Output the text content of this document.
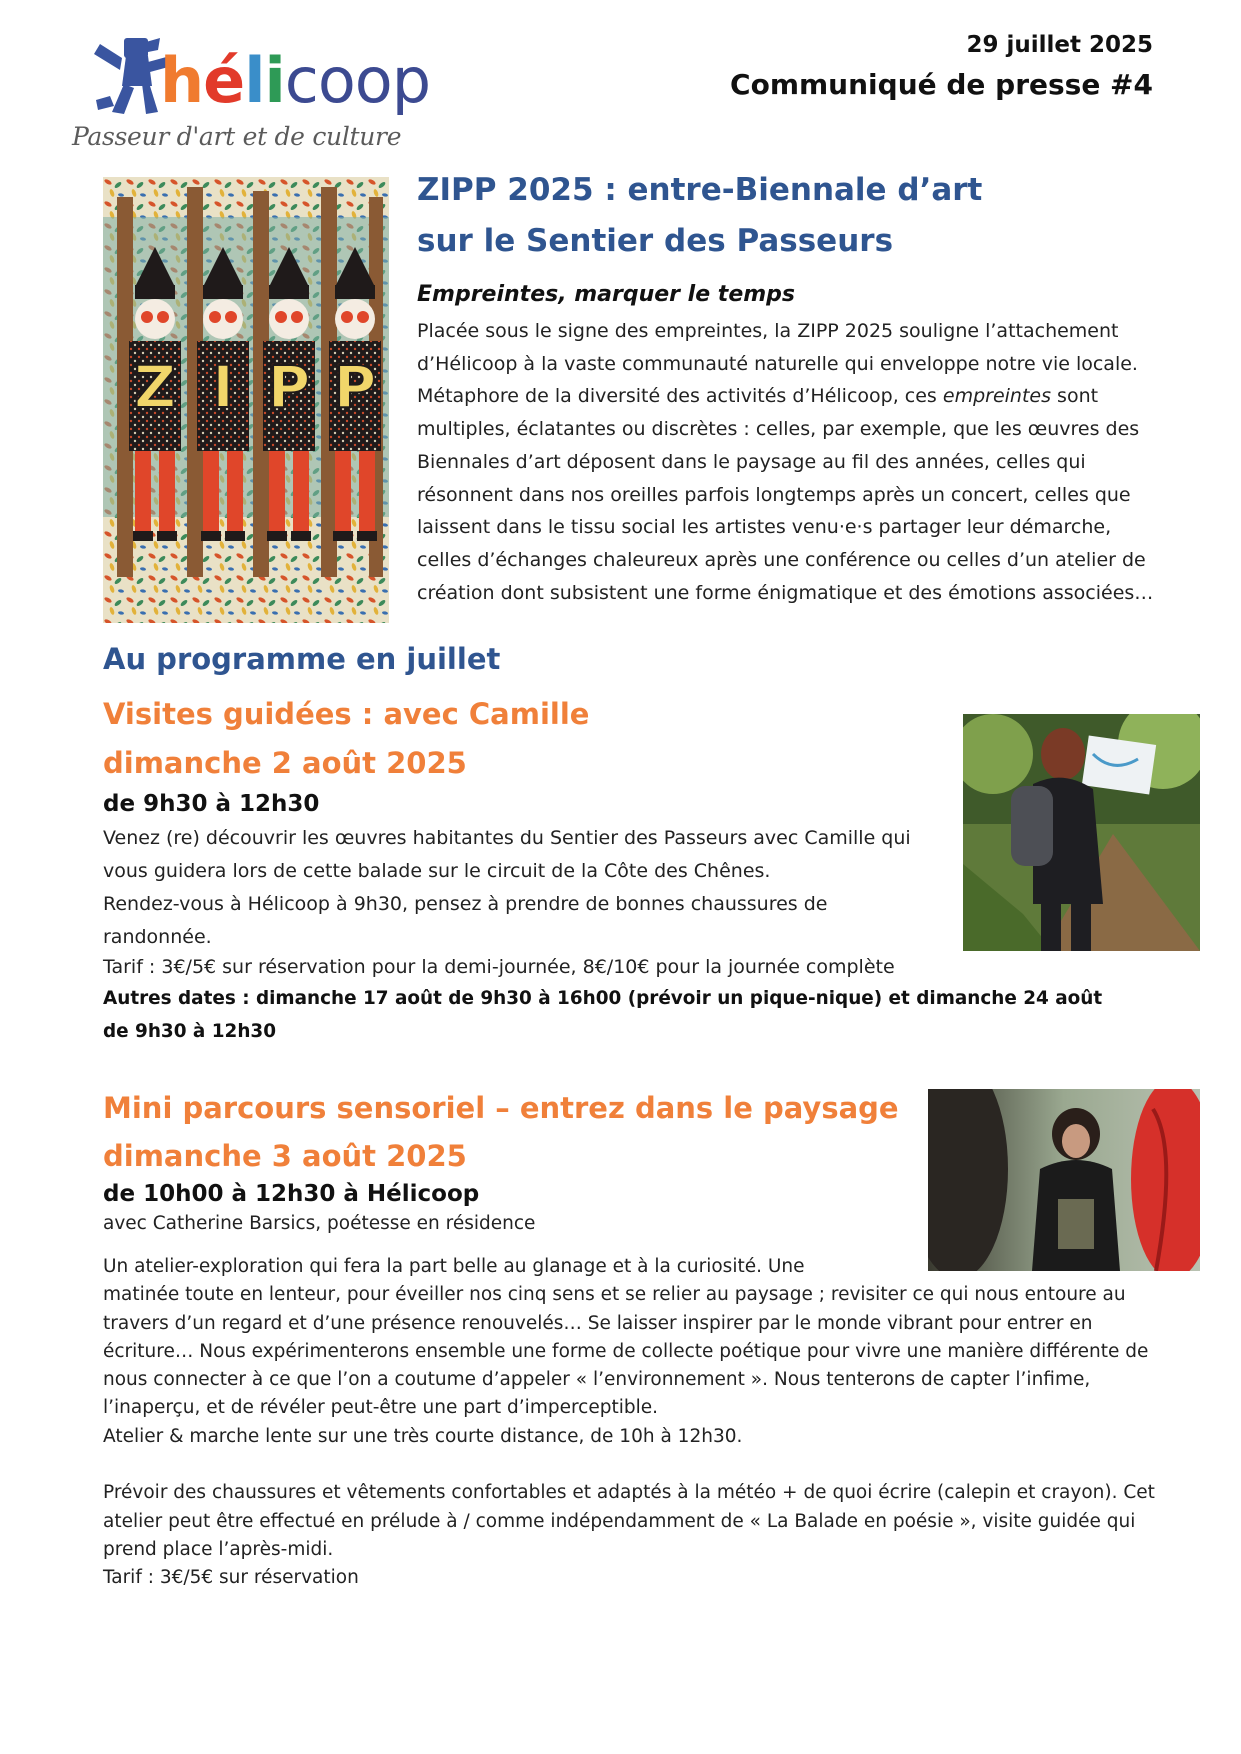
hélicoop
Passeur d'art et de culture
29 juillet 2025
Communiqué de presse #4
Z I P P
ZIPP 2025 : entre-Biennale d’art
sur le Sentier des Passeurs
Empreintes, marquer le temps
Placée sous le signe des empreintes, la ZIPP 2025 souligne l’attachement d’Hélicoop à la vaste communauté naturelle qui enveloppe notre vie locale. Métaphore de la diversité des activités d’Hélicoop, ces empreintes sont multiples, éclatantes ou discrètes : celles, par exemple, que les œuvres des Biennales d’art déposent dans le paysage au fil des années, celles qui résonnent dans nos oreilles parfois longtemps après un concert, celles que laissent dans le tissu social les artistes venu·e·s partager leur démarche, celles d’échanges chaleureux après une conférence ou celles d’un atelier de création dont subsistent une forme énigmatique et des émotions associées…
Au programme en juillet
Visites guidées : avec Camille
dimanche 2 août 2025
de 9h30 à 12h30

Venez (re) découvrir les œuvres habitantes du Sentier des Passeurs avec Camille qui vous guidera lors de cette balade sur le circuit de la Côte des Chênes.

Rendez-vous à Hélicoop à 9h30, pensez à prendre de bonnes chaussures de randonnée.

Tarif : 3€/5€ sur réservation pour la demi-journée, 8€/10€ pour la journée complète
Autres dates : dimanche 17 août de 9h30 à 16h00 (prévoir un pique-nique) et dimanche 24 août de 9h30 à 12h30
Mini parcours sensoriel – entrez dans le paysage
dimanche 3 août 2025
de 10h00 à 12h30 à Hélicoop
avec Catherine Barsics, poétesse en résidence

Un atelier-exploration qui fera la part belle au glanage et à la curiosité. Une

matinée toute en lenteur, pour éveiller nos cinq sens et se relier au paysage ; revisiter ce qui nous entoure au travers d’un regard et d’une présence renouvelés… Se laisser inspirer par le monde vibrant pour entrer en écriture… Nous expérimenterons ensemble une forme de collecte poétique pour vivre une manière différente de nous connecter à ce que l’on a coutume d’appeler « l’environnement ». Nous tenterons de capter l’infime, l’inaperçu, et de révéler peut-être une part d’imperceptible.

Atelier & marche lente sur une très courte distance, de 10h à 12h30.

Prévoir des chaussures et vêtements confortables et adaptés à la météo + de quoi écrire (calepin et crayon). Cet atelier peut être effectué en prélude à / comme indépendamment de « La Balade en poésie », visite guidée qui prend place l’après-midi.

Tarif : 3€/5€ sur réservation
